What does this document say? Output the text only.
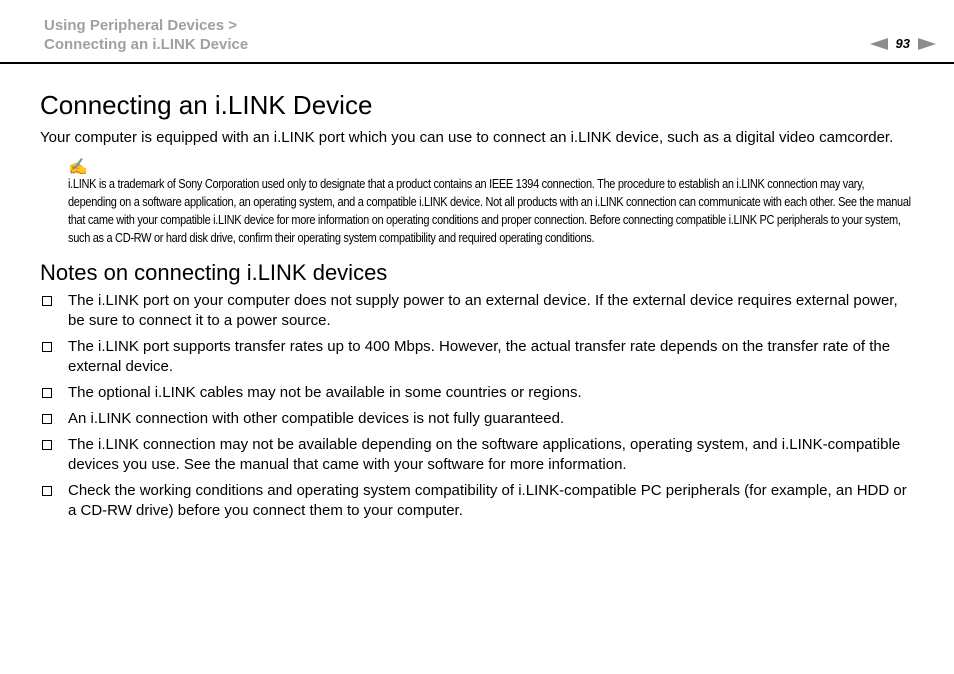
Using Peripheral Devices >
Connecting an i.LINK Device	93
Connecting an i.LINK Device

Your computer is equipped with an i.LINK port which you can use to connect an i.LINK device, such as a digital video camcorder.

✍

i.LINK is a trademark of Sony Corporation used only to designate that a product contains an IEEE 1394 connection. The procedure to establish an i.LINK connection may vary, depending on a software application, an operating system, and a compatible i.LINK device. Not all products with an i.LINK connection can communicate with each other. See the manual that came with your compatible i.LINK device for more information on operating conditions and proper connection. Before connecting compatible i.LINK PC peripherals to your system, such as a CD-RW or hard disk drive, confirm their operating system compatibility and required operating conditions.

Notes on connecting i.LINK devices
The i.LINK port on your computer does not supply power to an external device. If the external device requires external power, be sure to connect it to a power source.
The i.LINK port supports transfer rates up to 400 Mbps. However, the actual transfer rate depends on the transfer rate of the external device.
The optional i.LINK cables may not be available in some countries or regions.
An i.LINK connection with other compatible devices is not fully guaranteed.
The i.LINK connection may not be available depending on the software applications, operating system, and i.LINK-compatible devices you use. See the manual that came with your software for more information.
Check the working conditions and operating system compatibility of i.LINK-compatible PC peripherals (for example, an HDD or a CD-RW drive) before you connect them to your computer.
